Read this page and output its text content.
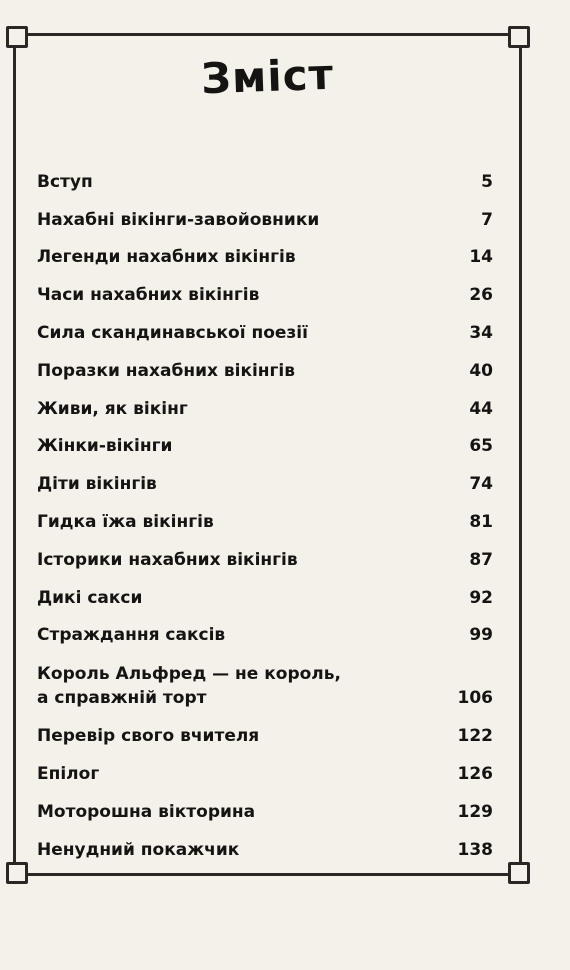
Зміст
Вступ	5
Нахабні вікінги-завойовники	7
Легенди нахабних вікінгів	14
Часи нахабних вікінгів	26
Сила скандинавської поезії	34
Поразки нахабних вікінгів	40
Живи, як вікінг	44
Жінки-вікінги	65
Діти вікінгів	74
Гидка їжа вікінгів	81
Історики нахабних вікінгів	87
Дикі сакси	92
Страждання саксів	99
Король Альфред — не король,
а справжній торт	106
Перевір свого вчителя	122
Епілог	126
Моторошна вікторина	129
Ненудний покажчик	138
